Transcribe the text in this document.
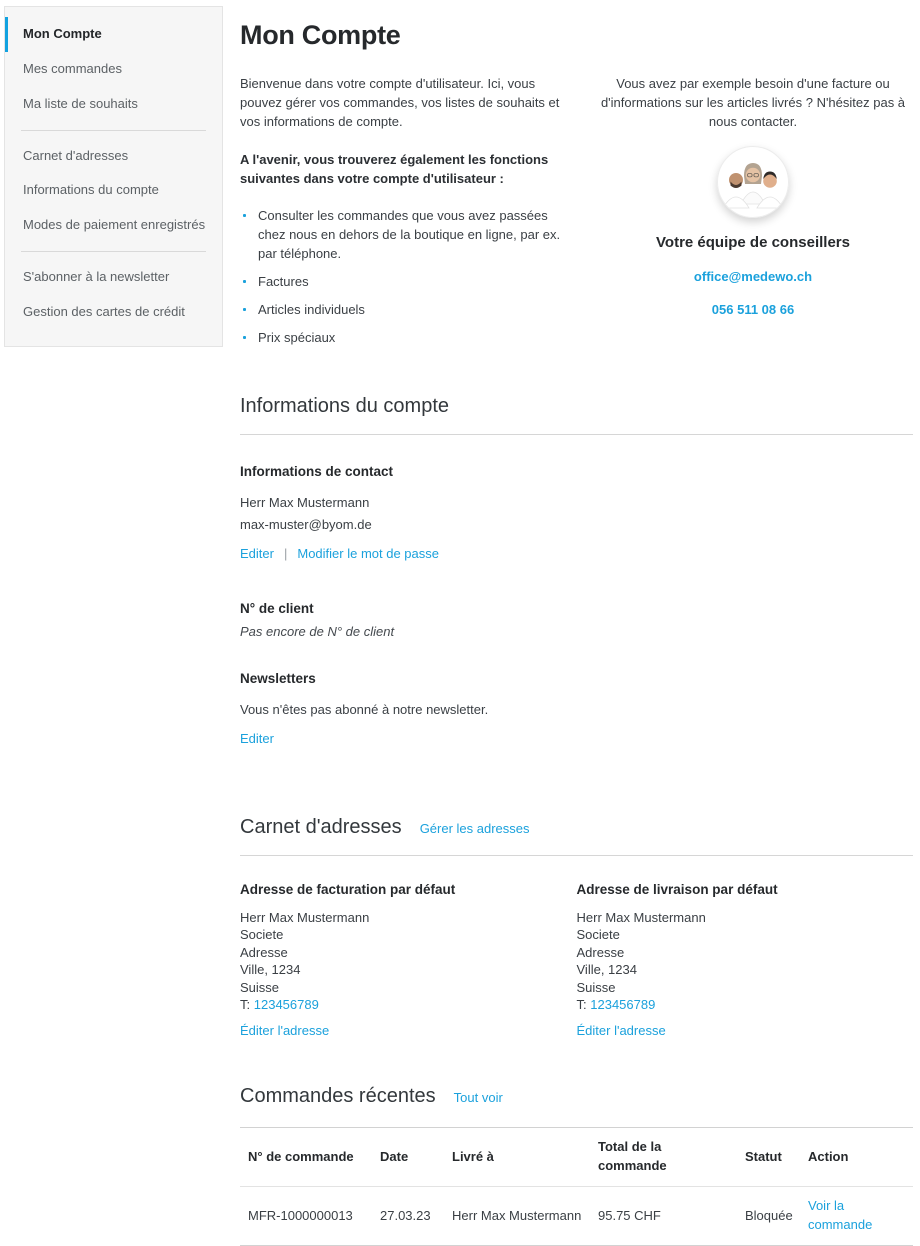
Mon Compte
Mes commandes
Ma liste de souhaits
Carnet d'adresses
Informations du compte
Modes de paiement enregistrés
S'abonner à la newsletter
Gestion des cartes de crédit
Mon Compte

Bienvenue dans votre compte d'utilisateur. Ici, vous pouvez gérer vos commandes, vos listes de souhaits et vos informations de compte.

A l'avenir, vous trouverez également les fonctions suivantes dans votre compte d'utilisateur :

Consulter les commandes que vous avez passées chez nous en dehors de la boutique en ligne, par ex. par téléphone.
Factures
Articles individuels
Prix spéciaux

Vous avez par exemple besoin d'une facture ou d'informations sur les articles livrés ? N'hésitez pas à nous contacter.

Votre équipe de conseillers
office@medewo.ch
056 511 08 66
Informations du compte
Informations de contact
Herr Max Mustermann
max-muster@byom.de
Editer | Modifier le mot de passe
N° de client
Pas encore de N° de client
Newsletters
Vous n'êtes pas abonné à notre newsletter.
Editer
Carnet d'adresses Gérer les adresses
Adresse de facturation par défaut
Herr Max Mustermann
Societe
Adresse
Ville, 1234
Suisse
T: 123456789
Éditer l'adresse
Adresse de livraison par défaut
Herr Max Mustermann
Societe
Adresse
Ville, 1234
Suisse
T: 123456789
Éditer l'adresse
Commandes récentes Tout voir
N° de commande	Date	Livré à	Total de la commande	Statut	Action
MFR-1000000013	27.03.23	Herr Max Mustermann	95.75 CHF	Bloquée	Voir la commande
